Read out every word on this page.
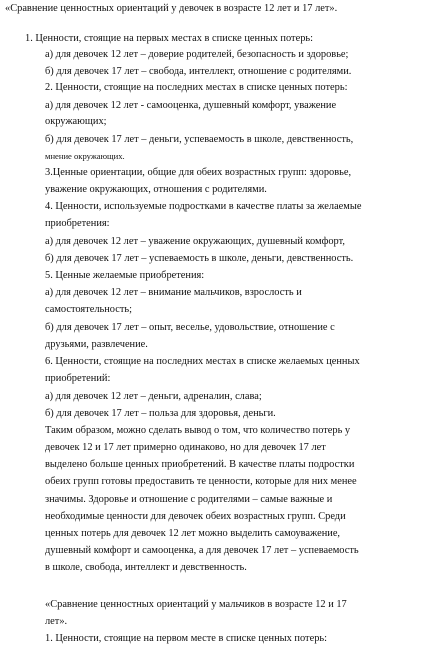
«Сравнение ценностных ориентаций у девочек в возрасте 12 лет и 17 лет».
1. Ценности, стоящие на первых местах в списке ценных потерь:
а) для девочек 12 лет – доверие родителей, безопасность и здоровье;
б) для девочек 17 лет – свобода, интеллект, отношение с родителями.
2. Ценности, стоящие на последних местах в списке ценных потерь:
а) для девочек 12 лет - самооценка, душевный комфорт, уважение
окружающих;
б) для девочек 17 лет – деньги, успеваемость в школе, девственность,
мнение окружающих.
3.Ценные ориентации, общие для обеих возрастных групп: здоровье,
уважение окружающих, отношения с родителями.
4. Ценности, используемые подростками в качестве платы за желаемые
приобретения:
а) для девочек 12 лет – уважение окружающих, душевный комфорт,
б) для девочек 17 лет – успеваемость в школе, деньги, девственность.
5. Ценные желаемые приобретения:
а) для девочек 12 лет – внимание мальчиков, взрослость и
самостоятельность;
б) для девочек 17 лет – опыт, веселье, удовольствие, отношение с
друзьями, развлечение.
6. Ценности, стоящие на последних местах в списке желаемых ценных
приобретений:
а) для девочек 12 лет – деньги, адреналин, слава;
б) для девочек 17 лет – польза для здоровья, деньги.
Таким образом, можно сделать вывод о том, что количество потерь у
девочек 12 и 17 лет примерно одинаково, но для девочек 17 лет
выделено больше ценных приобретений. В качестве платы подростки
обеих групп готовы предоставить те ценности, которые для них менее
значимы. Здоровье и отношение с родителями – самые важные и
необходимые ценности для девочек обеих возрастных групп. Среди
ценных потерь для девочек 12 лет можно выделить самоуважение,
душевный комфорт и самооценка, а для девочек 17 лет – успеваемость
в школе, свобода, интеллект и девственность.
«Сравнение ценностных ориентаций у мальчиков в возрасте 12 и 17
лет».
1. Ценности, стоящие на первом месте в списке ценных потерь:
